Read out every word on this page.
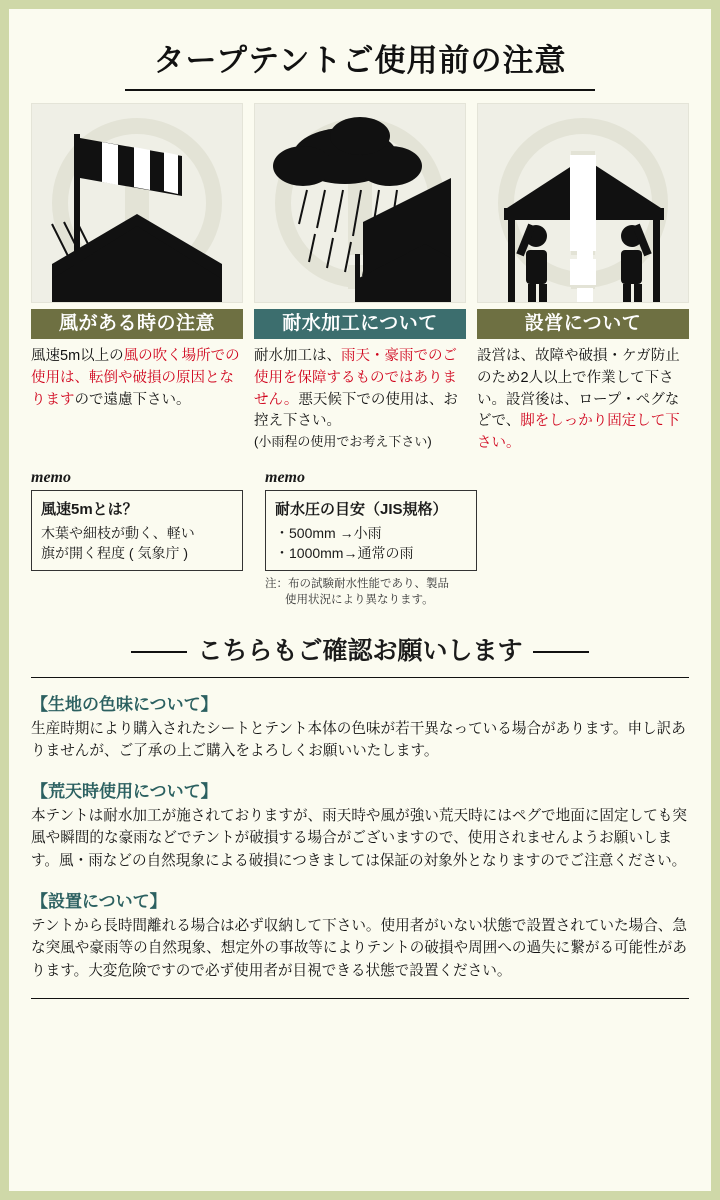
タープテントご使用前の注意
風がある時の注意
風速5m以上の風の吹く場所での使用は、転倒や破損の原因となりますので遠慮下さい。
耐水加工について
耐水加工は、雨天・豪雨でのご使用を保障するものではありません。悪天候下での使用は、お控え下さい。
(小雨程の使用でお考え下さい)
設営について
設営は、故障や破損・ケガ防止のため2人以上で作業して下さい。設営後は、ロープ・ペグなどで、脚をしっかり固定して下さい。
memo
風速5mとは？
木葉や細枝が動く、軽い
旗が開く程度 ( 気象庁 )
memo
耐水圧の目安（JIS規格）
・500mm →小雨
・1000mm→通常の雨
注：布の試験耐水性能であり、製品
使用状況により異なります。
こちらもご確認お願いします
【生地の色味について】
生産時期により購入されたシートとテント本体の色味が若干異なっている場合があります。申し訳ありませんが、ご了承の上ご購入をよろしくお願いいたします。
【荒天時使用について】
本テントは耐水加工が施されておりますが、雨天時や風が強い荒天時にはペグで地面に固定しても突風や瞬間的な豪雨などでテントが破損する場合がございますので、使用されませんようお願いします。風・雨などの自然現象による破損につきましては保証の対象外となりますのでご注意ください。
【設置について】
テントから長時間離れる場合は必ず収納して下さい。使用者がいない状態で設置されていた場合、急な突風や豪雨等の自然現象、想定外の事故等によりテントの破損や周囲への過失に繋がる可能性があります。大変危険ですので必ず使用者が目視できる状態で設置ください。
